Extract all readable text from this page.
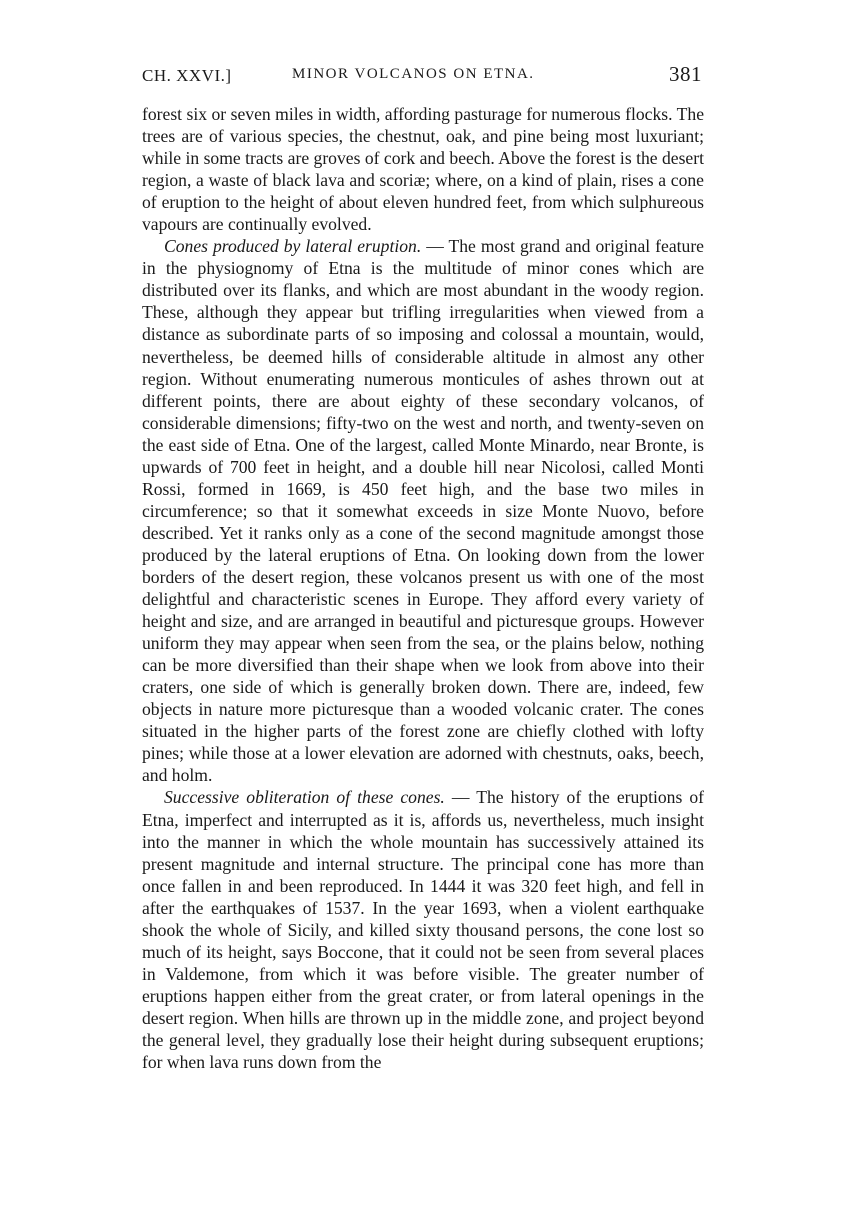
CH. XXVI.]	MINOR VOLCANOS ON ETNA.	381

forest six or seven miles in width, affording pasturage for numerous flocks. The trees are of various species, the chestnut, oak, and pine being most luxuriant; while in some tracts are groves of cork and beech. Above the forest is the desert region, a waste of black lava and scoriæ; where, on a kind of plain, rises a cone of eruption to the height of about eleven hundred feet, from which sulphureous vapours are continually evolved.

Cones produced by lateral eruption. — The most grand and original feature in the physiognomy of Etna is the multitude of minor cones which are distributed over its flanks, and which are most abundant in the woody region. These, although they appear but trifling irregularities when viewed from a distance as subordinate parts of so imposing and colossal a mountain, would, nevertheless, be deemed hills of considerable altitude in almost any other region. Without enumerating numerous monticules of ashes thrown out at different points, there are about eighty of these secondary volcanos, of considerable dimensions; fifty-two on the west and north, and twenty-seven on the east side of Etna. One of the largest, called Monte Minardo, near Bronte, is upwards of 700 feet in height, and a double hill near Nicolosi, called Monti Rossi, formed in 1669, is 450 feet high, and the base two miles in circumference; so that it somewhat exceeds in size Monte Nuovo, before described. Yet it ranks only as a cone of the second magnitude amongst those produced by the lateral eruptions of Etna. On looking down from the lower borders of the desert region, these volcanos present us with one of the most delightful and characteristic scenes in Europe. They afford every variety of height and size, and are arranged in beautiful and picturesque groups. However uniform they may appear when seen from the sea, or the plains below, nothing can be more diversified than their shape when we look from above into their craters, one side of which is generally broken down. There are, indeed, few objects in nature more picturesque than a wooded volcanic crater. The cones situated in the higher parts of the forest zone are chiefly clothed with lofty pines; while those at a lower elevation are adorned with chestnuts, oaks, beech, and holm.

Successive obliteration of these cones. — The history of the eruptions of Etna, imperfect and interrupted as it is, affords us, nevertheless, much insight into the manner in which the whole mountain has successively attained its present magnitude and internal structure. The principal cone has more than once fallen in and been reproduced. In 1444 it was 320 feet high, and fell in after the earthquakes of 1537. In the year 1693, when a violent earthquake shook the whole of Sicily, and killed sixty thousand persons, the cone lost so much of its height, says Boccone, that it could not be seen from several places in Valdemone, from which it was before visible. The greater number of eruptions happen either from the great crater, or from lateral openings in the desert region. When hills are thrown up in the middle zone, and project beyond the general level, they gradually lose their height during subsequent eruptions; for when lava runs down from the
